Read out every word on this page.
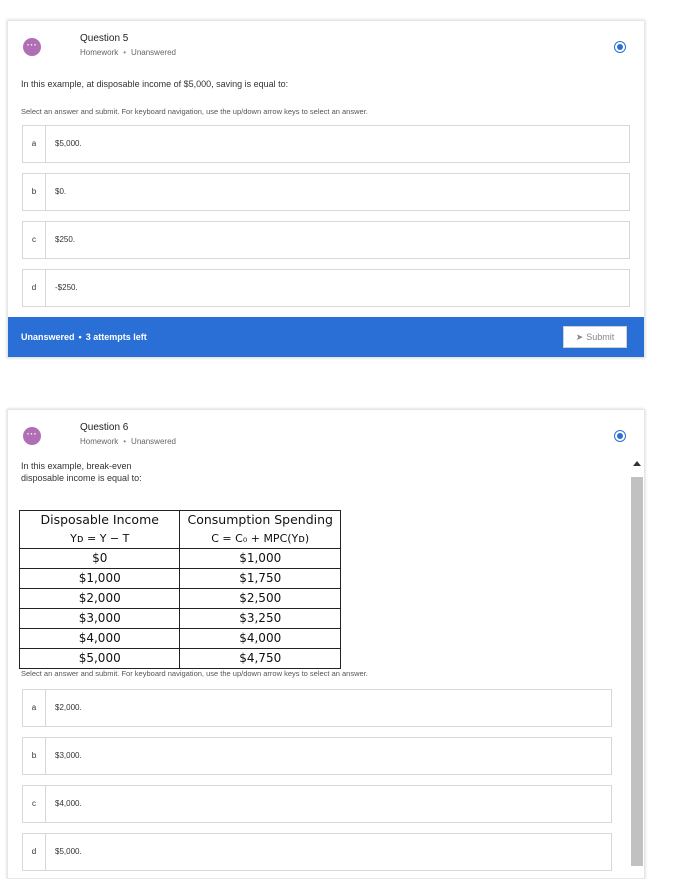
···
Question 5
Homework • Unanswered
In this example, at disposable income of $5,000, saving is equal to:
Select an answer and submit. For keyboard navigation, use the up/down arrow keys to select an answer.
a	$5,000.
b	$0.
c	$250.
d	-$250.
Unanswered • 3 attempts left	➤ Submit
···
Question 6
Homework • Unanswered
In this example, break-even
disposable income is equal to:
Disposable Income	Consumption Spending
Yᴅ = Y − T	C = C₀ + MPC(Yᴅ)
$0	$1,000
$1,000	$1,750
$2,000	$2,500
$3,000	$3,250
$4,000	$4,000
$5,000	$4,750
Select an answer and submit. For keyboard navigation, use the up/down arrow keys to select an answer.
a	$2,000.
b	$3,000.
c	$4,000.
d	$5,000.
